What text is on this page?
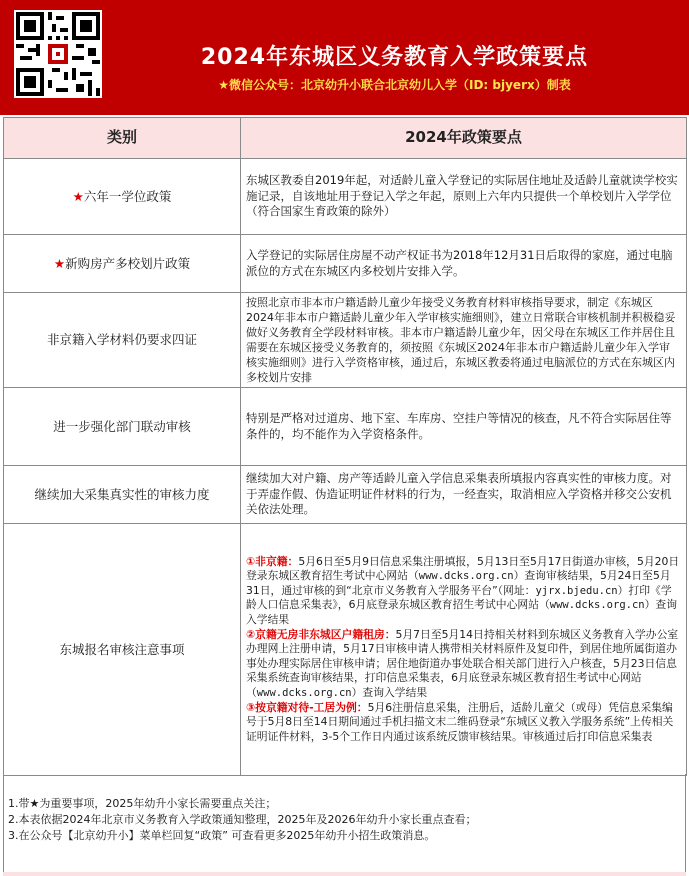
2024年东城区义务教育入学政策要点
★微信公众号：北京幼升小联合北京幼儿入学（ID: bjyerx）制表
类别	2024年政策要点
★六年一学位政策	东城区教委自2019年起，对适龄儿童入学登记的实际居住地址及适龄儿童就读学校实施记录，自该地址用于登记入学之年起，原则上六年内只提供一个单校划片入学学位（符合国家生育政策的除外）
★新购房产多校划片政策	入学登记的实际居住房屋不动产权证书为2018年12月31日后取得的家庭，通过电脑派位的方式在东城区内多校划片安排入学。
非京籍入学材料仍要求四证	按照北京市非本市户籍适龄儿童少年接受义务教育材料审核指导要求，制定《东城区2024年非本市户籍适龄儿童少年入学审核实施细则》，建立日常联合审核机制并积极稳妥做好义务教育全学段材料审核。非本市户籍适龄儿童少年，因父母在东城区工作并居住且需要在东城区接受义务教育的，须按照《东城区2024年非本市户籍适龄儿童少年入学审核实施细则》进行入学资格审核，通过后，东城区教委将通过电脑派位的方式在东城区内多校划片安排
进一步强化部门联动审核	特别是严格对过道房、地下室、车库房、空挂户等情况的核查，凡不符合实际居住等条件的，均不能作为入学资格条件。
继续加大采集真实性的审核力度	继续加大对户籍、房产等适龄儿童入学信息采集表所填报内容真实性的审核力度。对于弄虚作假、伪造证明证件材料的行为，一经查实，取消相应入学资格并移交公安机关依法处理。
东城报名审核注意事项	①非京籍：5月6日至5月9日信息采集注册填报，5月13日至5月17日街道办审核，5月20日登录东城区教育招生考试中心网站（www.dcks.org.cn）查询审核结果，5月24日至5月31日，通过审核的到“北京市义务教育入学服务平台”（网址：yjrx.bjedu.cn）打印《学龄人口信息采集表》，6月底登录东城区教育招生考试中心网站（www.dcks.org.cn）查询入学结果
②京籍无房非东城区户籍租房：5月7日至5月14日持相关材料到东城区义务教育入学办公室办理网上注册申请，5月17日审核申请人携带相关材料原件及复印件，到居住地所属街道办事处办理实际居住审核申请；居住地街道办事处联合相关部门进行入户核查，5月23日信息采集系统查询审核结果，打印信息采集表，6月底登录东城区教育招生考试中心网站（www.dcks.org.cn）查询入学结果
③按京籍对待-工居为例：5月6注册信息采集，注册后，适龄儿童父（或母）凭信息采集编号于5月8日至14日期间通过手机扫描文末二维码登录“东城区义教入学服务系统”上传相关证明证件材料，3-5个工作日内通过该系统反馈审核结果。审核通过后打印信息采集表
1.带★为重要事项，2025年幼升小家长需要重点关注；
2.本表依据2024年北京市义务教育入学政策通知整理，2025年及2026年幼升小家长重点查看；
3.在公众号【北京幼升小】菜单栏回复“政策” 可查看更多2025年幼升小招生政策消息。
